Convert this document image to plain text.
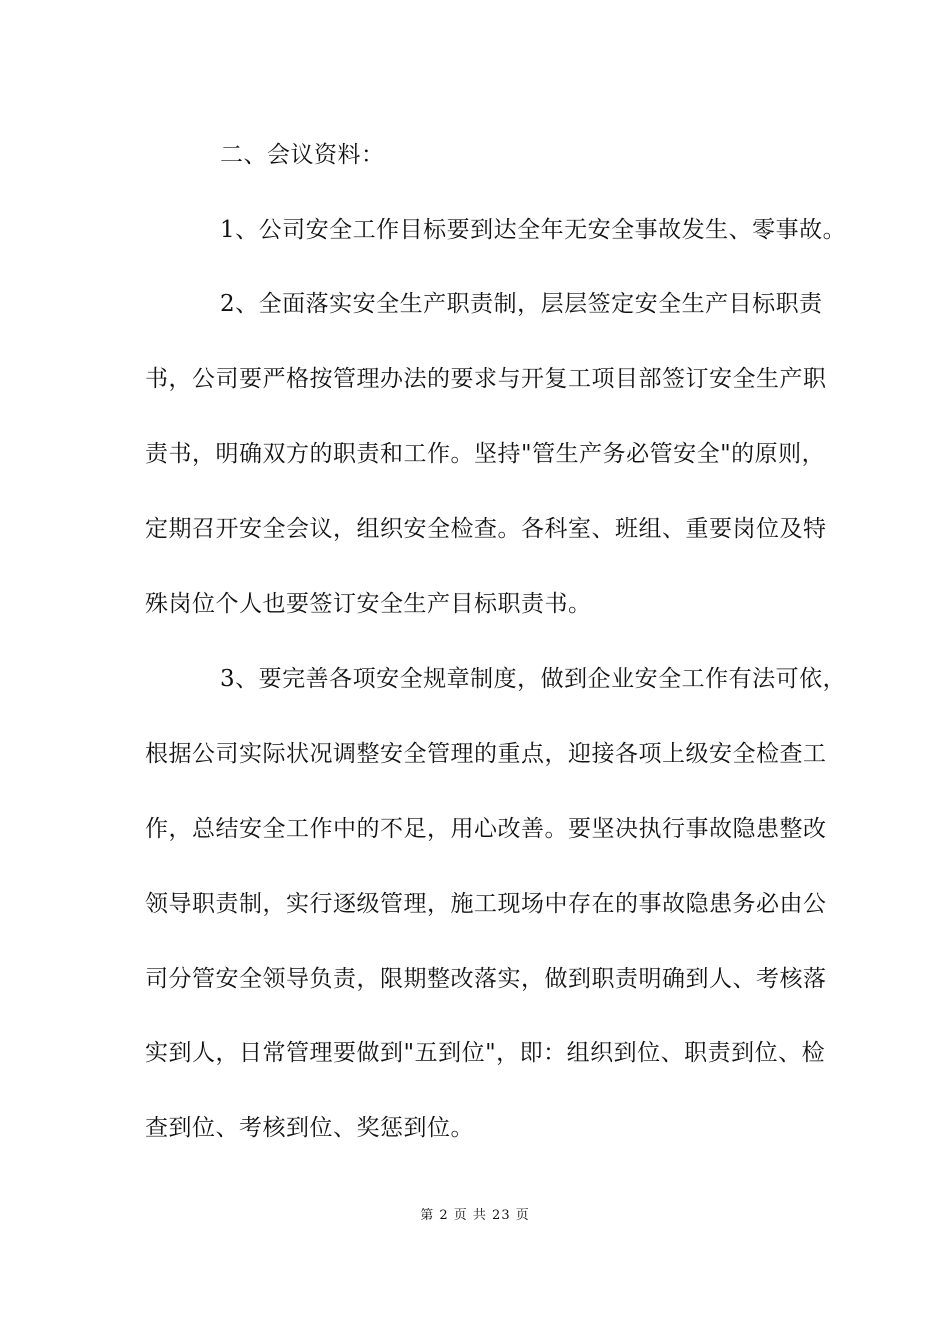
二、会议资料：
1、公司安全工作目标要到达全年无安全事故发生、零事故。
2、全面落实安全生产职责制，层层签定安全生产目标职责
书，公司要严格按管理办法的要求与开复工项目部签订安全生产职
责书，明确双方的职责和工作。坚持"管生产务必管安全"的原则，
定期召开安全会议，组织安全检查。各科室、班组、重要岗位及特
殊岗位个人也要签订安全生产目标职责书。
3、要完善各项安全规章制度，做到企业安全工作有法可依，
根据公司实际状况调整安全管理的重点，迎接各项上级安全检查工
作，总结安全工作中的不足，用心改善。要坚决执行事故隐患整改
领导职责制，实行逐级管理，施工现场中存在的事故隐患务必由公
司分管安全领导负责，限期整改落实，做到职责明确到人、考核落
实到人，日常管理要做到"五到位"，即：组织到位、职责到位、检
查到位、考核到位、奖惩到位。
第 2 页 共 23 页
